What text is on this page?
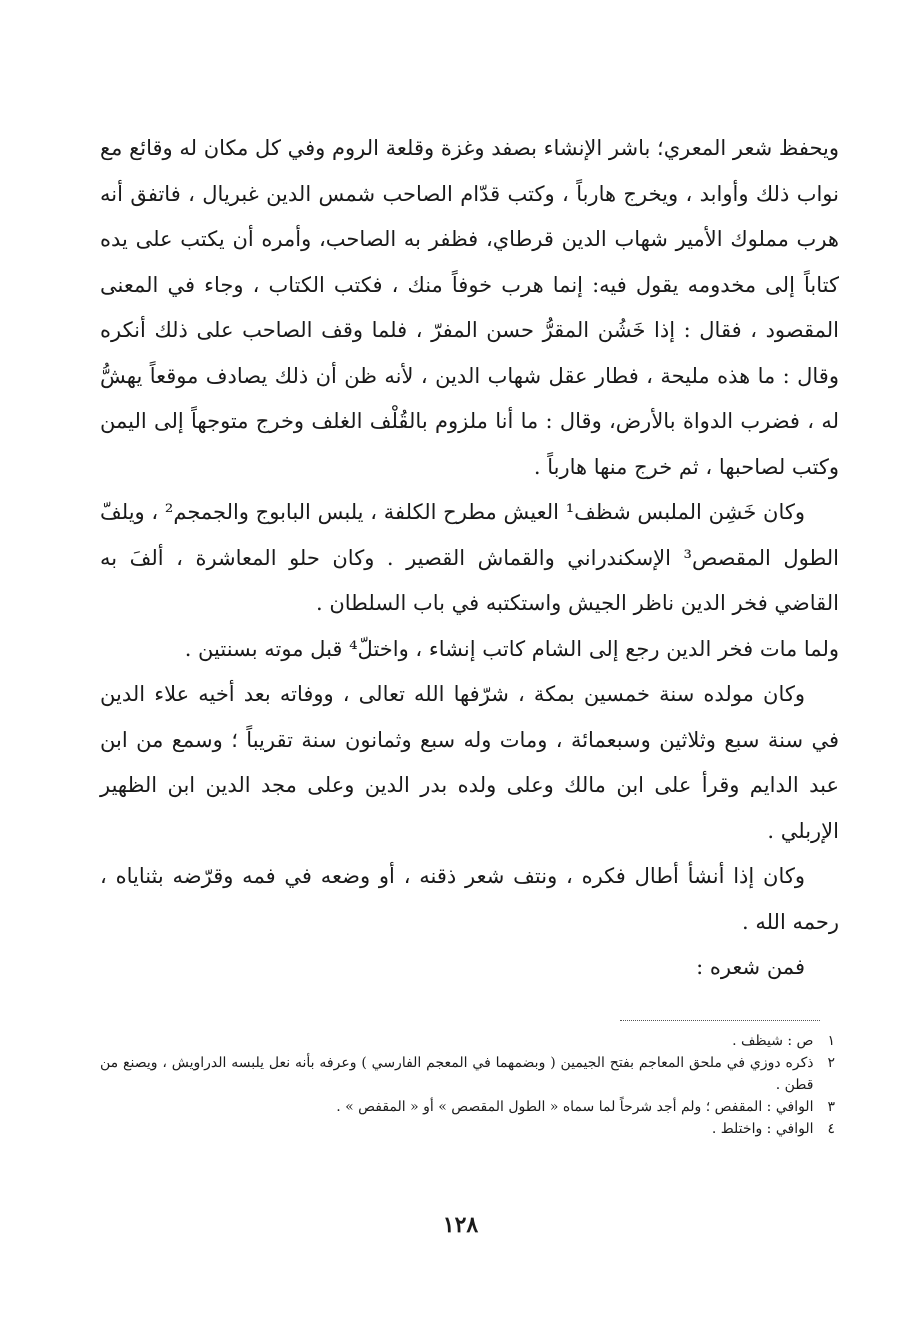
ويحفظ شعر المعري؛ باشر الإنشاء بصفد وغزة وقلعة الروم وفي كل مكان له وقائع مع نواب ذلك وأوابد ، ويخرج هارباً ، وكتب قدّام الصاحب شمس الدين غبريال ، فاتفق أنه هرب مملوك الأمير شهاب الدين قرطاي، فظفر به الصاحب، وأمره أن يكتب على يده كتاباً إلى مخدومه يقول فيه: إنما هرب خوفاً منك ، فكتب الكتاب ، وجاء في المعنى المقصود ، فقال : إذا خَشُن المقرُّ حسن المفرّ ، فلما وقف الصاحب على ذلك أنكره وقال : ما هذه مليحة ، فطار عقل شهاب الدين ، لأنه ظن أن ذلك يصادف موقعاً يهشُّ له ، فضرب الدواة بالأرض، وقال : ما أنا ملزوم بالقُلْف الغلف وخرج متوجهاً إلى اليمن وكتب لصاحبها ، ثم خرج منها هارباً .

وكان خَشِن الملبس شظف¹ العيش مطرح الكلفة ، يلبس البابوج والجمجم² ، ويلفّ الطول المقصص³ الإسكندراني والقماش القصير . وكان حلو المعاشرة ، ألفَ به القاضي فخر الدين ناظر الجيش واستكتبه في باب السلطان .

ولما مات فخر الدين رجع إلى الشام كاتب إنشاء ، واختلّ⁴ قبل موته بسنتين .

وكان مولده سنة خمسين بمكة ، شرّفها الله تعالى ، ووفاته بعد أخيه علاء الدين في سنة سبع وثلاثين وسبعمائة ، ومات وله سبع وثمانون سنة تقريباً ؛ وسمع من ابن عبد الدايم وقرأ على ابن مالك وعلى ولده بدر الدين وعلى مجد الدين ابن الظهير الإربلي .

وكان إذا أنشأ أطال فكره ، ونتف شعر ذقنه ، أو وضعه في فمه وقرّضه بثناياه ، رحمه الله .

فمن شعره :

١
ص : شيظف .
٢
ذكره دوزي في ملحق المعاجم بفتح الجيمين ( وبضمهما في المعجم الفارسي ) وعرفه بأنه نعل يلبسه الدراويش ، ويصنع من قطن .
٣
الوافي : المقفص ؛ ولم أجد شرحاً لما سماه « الطول المقصص » أو « المقفص » .
٤
الوافي : واختلط .
١٢٨
